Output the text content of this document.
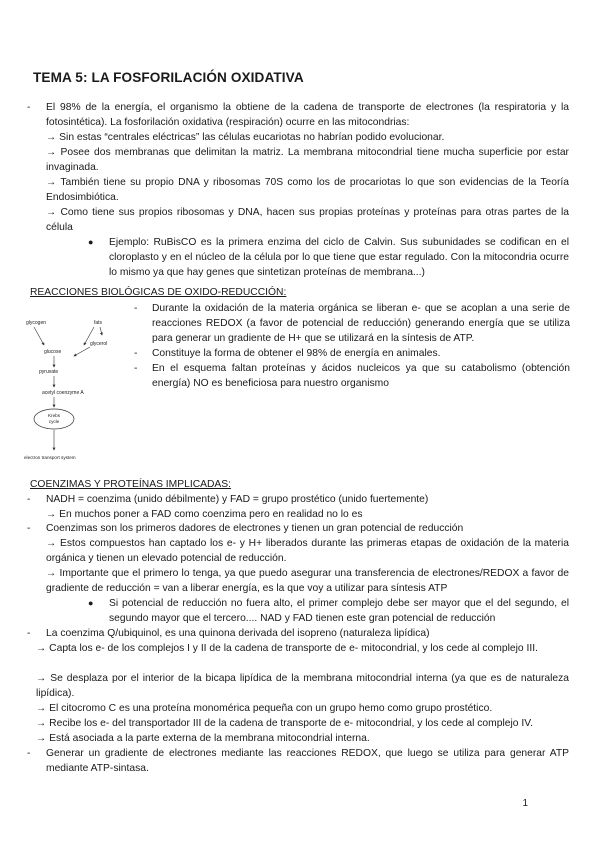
TEMA 5: LA FOSFORILACIÓN OXIDATIVA
- El 98% de la energía, el organismo la obtiene de la cadena de transporte de electrones (la respiratoria y la fotosintética). La fosforilación oxidativa (respiración) ocurre en las mitocondrias:
→ Sin estas “centrales eléctricas” las células eucariotas no habrían podido evolucionar.
→ Posee dos membranas que delimitan la matriz. La membrana mitocondrial tiene mucha superficie por estar invaginada.
→ También tiene su propio DNA y ribosomas 70S como los de procariotas lo que son evidencias de la Teoría Endosimbiótica.
→ Como tiene sus propios ribosomas y DNA, hacen sus propias proteínas y proteínas para otras partes de la célula
● Ejemplo: RuBisCO es la primera enzima del ciclo de Calvin. Sus subunidades se codifican en el cloroplasto y en el núcleo de la célula por lo que tiene que estar regulado. Con la mitocondria ocurre lo mismo ya que hay genes que sintetizan proteínas de membrana...)
REACCIONES BIOLÓGICAS DE OXIDO-REDUCCIÓN:
glycogen	fats
glucose
glycerol
pyruvate
acetyl coenzyme A
Krebs
cycle
electron transport system
- Durante la oxidación de la materia orgánica se liberan e- que se acoplan a una serie de reacciones REDOX (a favor de potencial de reducción) generando energía que se utiliza para generar un gradiente de H+ que se utilizará en la síntesis de ATP.
- Constituye la forma de obtener el 98% de energía en animales.
- En el esquema faltan proteínas y ácidos nucleicos ya que su catabolismo (obtención energía) NO es beneficiosa para nuestro organismo
COENZIMAS Y PROTEÍNAS IMPLICADAS:
- NADH = coenzima (unido débilmente) y FAD = grupo prostético (unido fuertemente)
→ En muchos poner a FAD como coenzima pero en realidad no lo es
- Coenzimas son los primeros dadores de electrones y tienen un gran potencial de reducción
→ Estos compuestos han captado los e- y H+ liberados durante las primeras etapas de oxidación de la materia orgánica y tienen un elevado potencial de reducción.
→ Importante que el primero lo tenga, ya que puedo asegurar una transferencia de electrones/REDOX a favor de gradiente de reducción = van a liberar energía, es la que voy a utilizar para síntesis ATP
● Si potencial de reducción no fuera alto, el primer complejo debe ser mayor que el del segundo, el segundo mayor que el tercero.... NAD y FAD tienen este gran potencial de reducción
- La coenzima Q/ubiquinol, es una quinona derivada del isopreno (naturaleza lipídica)
→ Capta los e- de los complejos I y II de la cadena de transporte de e- mitocondrial, y los cede al complejo III.
→ Se desplaza por el interior de la bicapa lipídica de la membrana mitocondrial interna (ya que es de naturaleza lipídica).
→ El citocromo C es una proteína monomérica pequeña con un grupo hemo como grupo prostético.
→ Recibe los e- del transportador III de la cadena de transporte de e- mitocondrial, y los cede al complejo IV.
→ Está asociada a la parte externa de la membrana mitocondrial interna.
- Generar un gradiente de electrones mediante las reacciones REDOX, que luego se utiliza para generar ATP mediante ATP-sintasa.
1
